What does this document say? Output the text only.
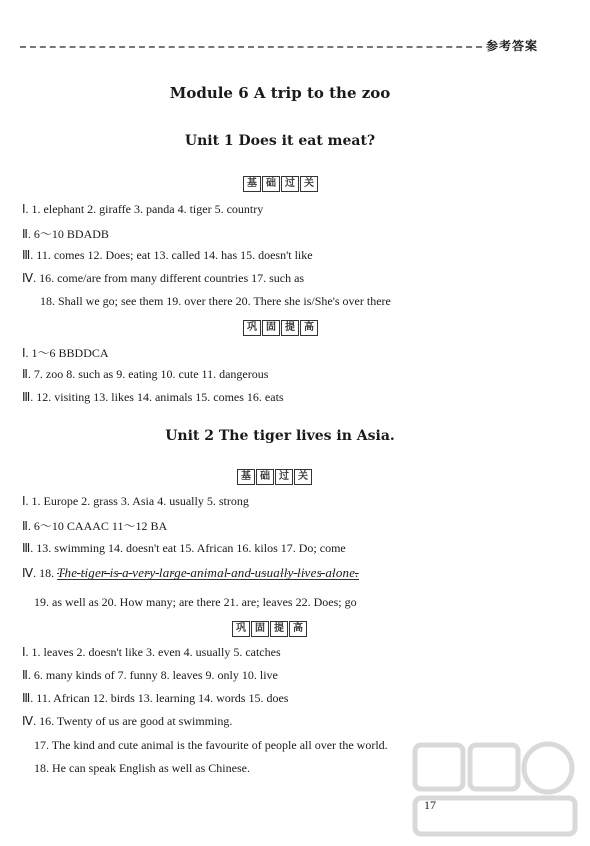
参考答案
Module 6 A trip to the zoo
Unit 1 Does it eat meat?
基 础 过 关
Ⅰ. 1. elephant 2. giraffe 3. panda 4. tiger 5. country
Ⅱ. 6～10 BDADB
Ⅲ. 11. comes 12. Does; eat 13. called 14. has 15. doesn't like
Ⅳ. 16. come/are from many different countries 17. such as
18. Shall we go; see them 19. over there 20. There she is/She's over there
巩 固 提 高
Ⅰ. 1～6 BBDDCA
Ⅱ. 7. zoo 8. such as 9. eating 10. cute 11. dangerous
Ⅲ. 12. visiting 13. likes 14. animals 15. comes 16. eats
Unit 2 The tiger lives in Asia.
基 础 过 关
Ⅰ. 1. Europe 2. grass 3. Asia 4. usually 5. strong
Ⅱ. 6～10 CAAAC 11～12 BA
Ⅲ. 13. swimming 14. doesn't eat 15. African 16. kilos 17. Do; come
Ⅳ. 18. The tiger is a very large animal and usually lives alone.
19. as well as 20. How many; are there 21. are; leaves 22. Does; go
巩 固 提 高
Ⅰ. 1. leaves 2. doesn't like 3. even 4. usually 5. catches
Ⅱ. 6. many kinds of 7. funny 8. leaves 9. only 10. live
Ⅲ. 11. African 12. birds 13. learning 14. words 15. does
Ⅳ. 16. Twenty of us are good at swimming.
17. The kind and cute animal is the favourite of people all over the world.
18. He can speak English as well as Chinese.
17
